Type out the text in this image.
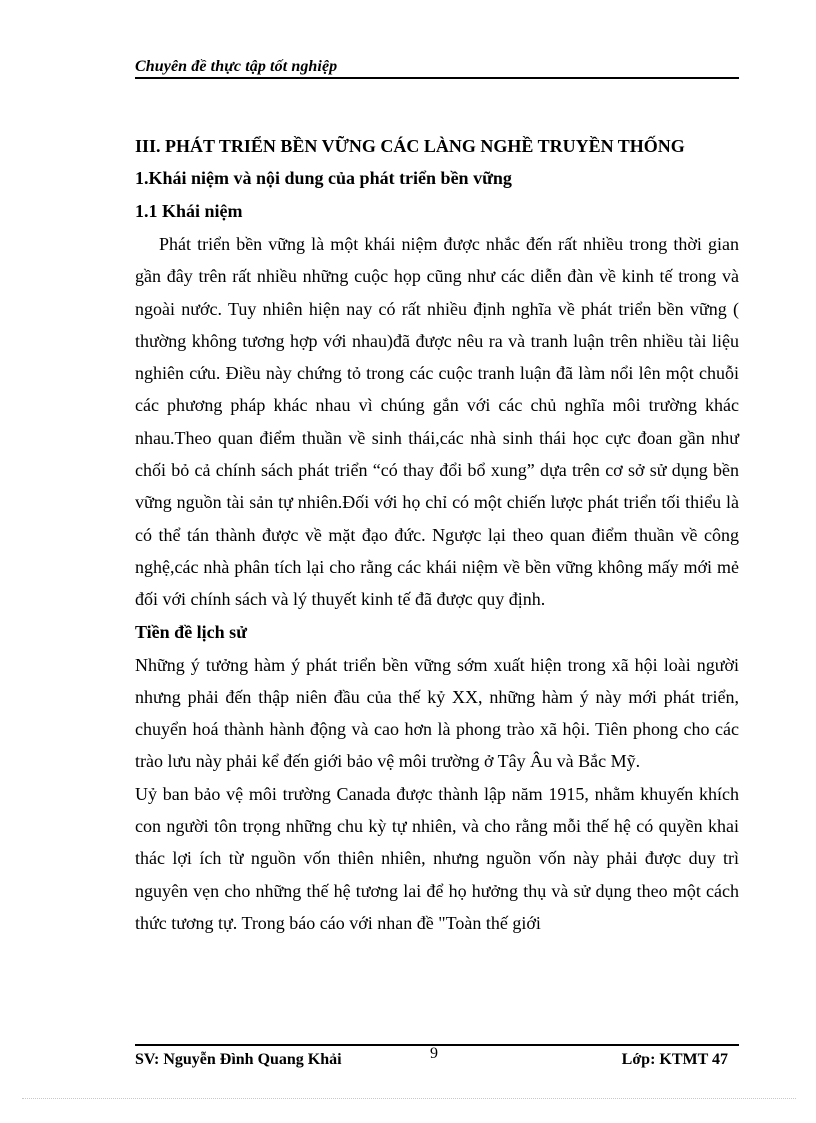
Chuyên đề thực tập tốt nghiệp
III. PHÁT TRIỂN BỀN VỮNG CÁC LÀNG NGHỀ TRUYỀN THỐNG
1.Khái niệm và nội dung của phát triển bền vững
1.1 Khái niệm

Phát triển bền vững là một khái niệm được nhắc đến rất nhiều trong thời gian gần đây trên rất nhiều những cuộc họp cũng như các diễn đàn về kinh tế trong và ngoài nước. Tuy nhiên hiện nay có rất nhiều định nghĩa về phát triển bền vững ( thường không tương hợp với nhau)đã được nêu ra và tranh luận trên nhiều tài liệu nghiên cứu. Điều này chứng tỏ trong các cuộc tranh luận đã làm nổi lên một chuỗi các phương pháp khác nhau vì chúng gắn với các chủ nghĩa môi trường khác nhau.Theo quan điểm thuần về sinh thái,các nhà sinh thái học cực đoan gần như chối bỏ cả chính sách phát triển “có thay đổi bổ xung” dựa trên cơ sở sử dụng bền vững nguồn tài sản tự nhiên.Đối với họ chỉ có một chiến lược phát triển tối thiểu là có thể tán thành được về mặt đạo đức. Ngược lại theo quan điểm thuần về công nghệ,các nhà phân tích lại cho rằng các khái niệm về bền vững không mấy mới mẻ đối với chính sách và lý thuyết kinh tế đã được quy định.

Tiền đề lịch sử

Những ý tưởng hàm ý phát triển bền vững sớm xuất hiện trong xã hội loài người nhưng phải đến thập niên đầu của thế kỷ XX, những hàm ý này mới phát triển, chuyển hoá thành hành động và cao hơn là phong trào xã hội. Tiên phong cho các trào lưu này phải kể đến giới bảo vệ môi trường ở Tây Âu và Bắc Mỹ.

Uỷ ban bảo vệ môi trường Canada được thành lập năm 1915, nhằm khuyến khích con người tôn trọng những chu kỳ tự nhiên, và cho rằng mỗi thế hệ có quyền khai thác lợi ích từ nguồn vốn thiên nhiên, nhưng nguồn vốn này phải được duy trì nguyên vẹn cho những thế hệ tương lai để họ hưởng thụ và sử dụng theo một cách thức tương tự. Trong báo cáo với nhan đề "Toàn thế giới

SV: Nguyễn Đình Quang Khải	9	Lớp: KTMT 47
